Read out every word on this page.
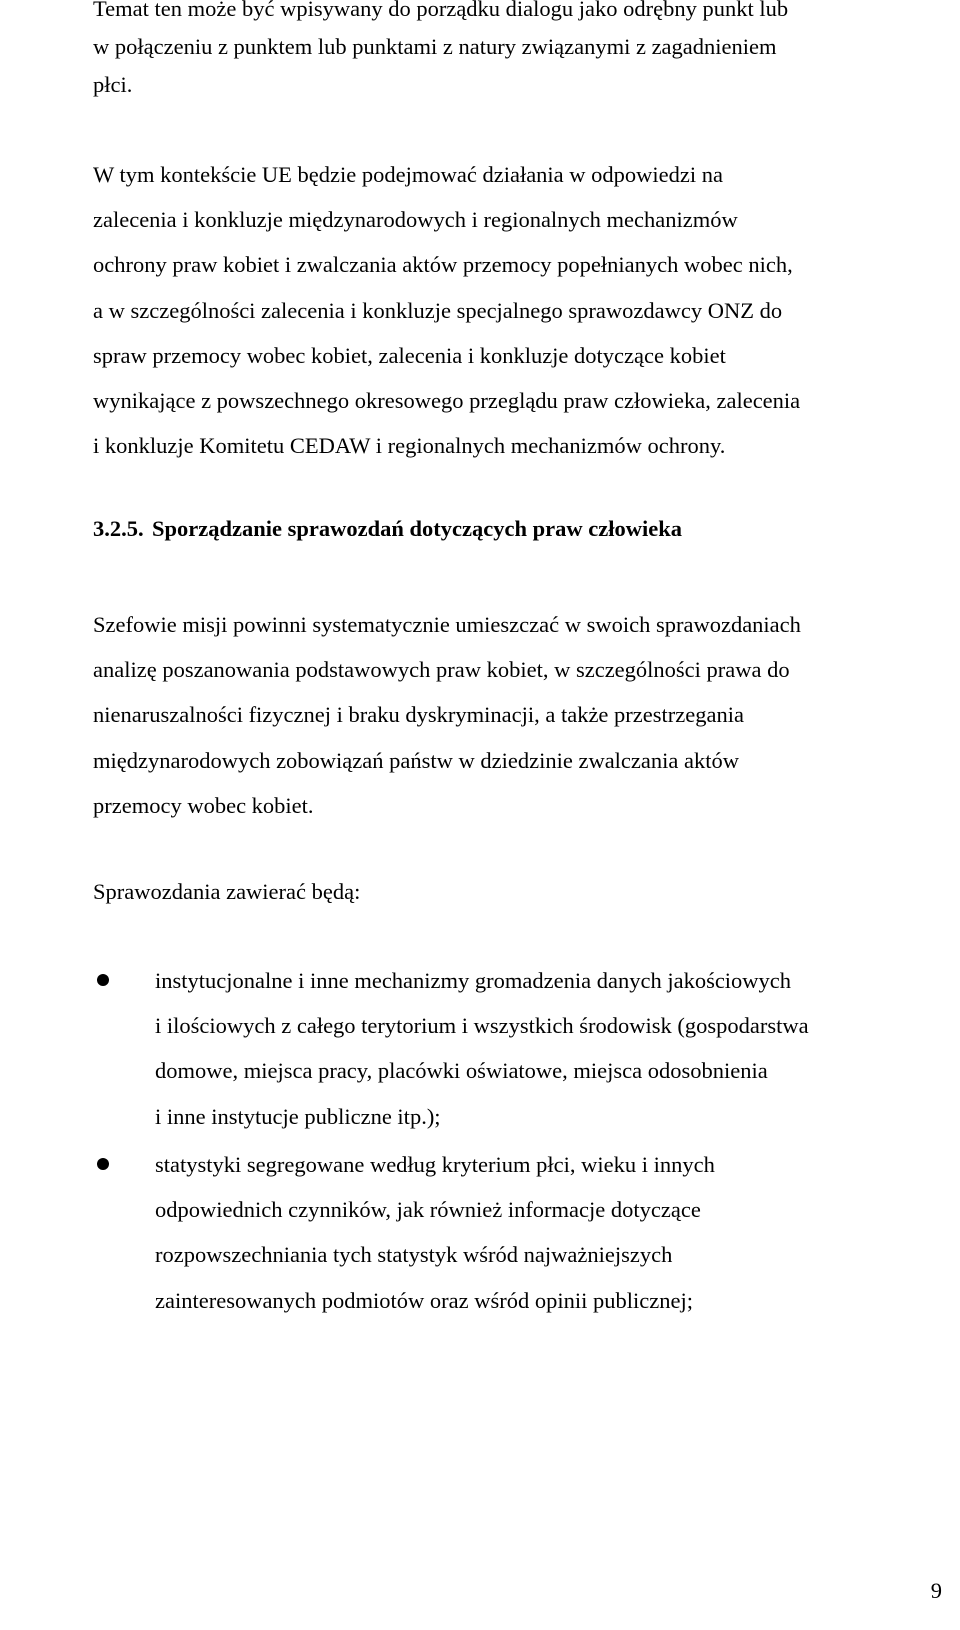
Temat ten może być wpisywany do porządku dialogu jako odrębny punkt lub
w połączeniu z punktem lub punktami z natury związanymi z zagadnieniem
płci.
W tym kontekście UE będzie podejmować działania w odpowiedzi na
zalecenia i konkluzje międzynarodowych i regionalnych mechanizmów
ochrony praw kobiet i zwalczania aktów przemocy popełnianych wobec nich,
a w szczególności zalecenia i konkluzje specjalnego sprawozdawcy ONZ do
spraw przemocy wobec kobiet, zalecenia i konkluzje dotyczące kobiet
wynikające z powszechnego okresowego przeglądu praw człowieka, zalecenia
i konkluzje Komitetu CEDAW i regionalnych mechanizmów ochrony.
3.2.5. Sporządzanie sprawozdań dotyczących praw człowieka
Szefowie misji powinni systematycznie umieszczać w swoich sprawozdaniach
analizę poszanowania podstawowych praw kobiet, w szczególności prawa do
nienaruszalności fizycznej i braku dyskryminacji, a także przestrzegania
międzynarodowych zobowiązań państw w dziedzinie zwalczania aktów
przemocy wobec kobiet.
Sprawozdania zawierać będą:
instytucjonalne i inne mechanizmy gromadzenia danych jakościowych
i ilościowych z całego terytorium i wszystkich środowisk (gospodarstwa
domowe, miejsca pracy, placówki oświatowe, miejsca odosobnienia
i inne instytucje publiczne itp.);
statystyki segregowane według kryterium płci, wieku i innych
odpowiednich czynników, jak również informacje dotyczące
rozpowszechniania tych statystyk wśród najważniejszych
zainteresowanych podmiotów oraz wśród opinii publicznej;
9
